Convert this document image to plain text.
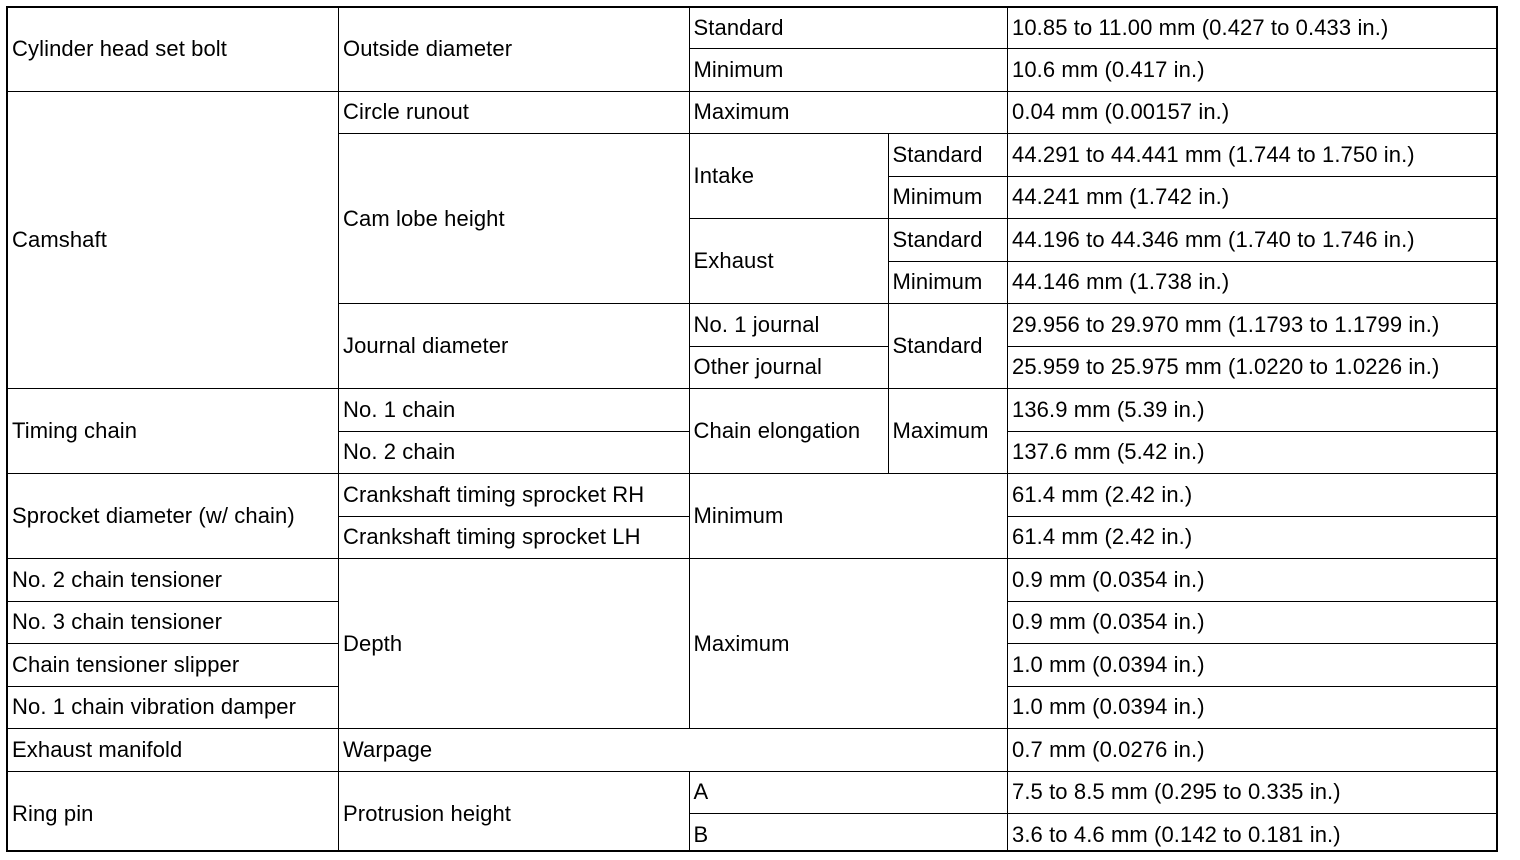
Cylinder head set bolt	Outside diameter	Standard		10.85 to 11.00 mm (0.427 to 0.433 in.)
		Minimum		10.6 mm (0.417 in.)
Camshaft	Circle runout	Maximum		0.04 mm (0.00157 in.)
	Cam lobe height	Intake	Standard	44.291 to 44.441 mm (1.744 to 1.750 in.)
			Minimum	44.241 mm (1.742 in.)
		Exhaust	Standard	44.196 to 44.346 mm (1.740 to 1.746 in.)
			Minimum	44.146 mm (1.738 in.)
	Journal diameter	No. 1 journal	Standard	29.956 to 29.970 mm (1.1793 to 1.1799 in.)
		Other journal		25.959 to 25.975 mm (1.0220 to 1.0226 in.)
Timing chain	No. 1 chain	Chain elongation	Maximum	136.9 mm (5.39 in.)
	No. 2 chain			137.6 mm (5.42 in.)
Sprocket diameter (w/ chain)	Crankshaft timing sprocket RH	Minimum		61.4 mm (2.42 in.)
	Crankshaft timing sprocket LH			61.4 mm (2.42 in.)
No. 2 chain tensioner	Depth	Maximum		0.9 mm (0.0354 in.)
No. 3 chain tensioner				0.9 mm (0.0354 in.)
Chain tensioner slipper				1.0 mm (0.0394 in.)
No. 1 chain vibration damper				1.0 mm (0.0394 in.)
Exhaust manifold	Warpage			0.7 mm (0.0276 in.)
Ring pin	Protrusion height	A		7.5 to 8.5 mm (0.295 to 0.335 in.)
		B		3.6 to 4.6 mm (0.142 to 0.181 in.)
